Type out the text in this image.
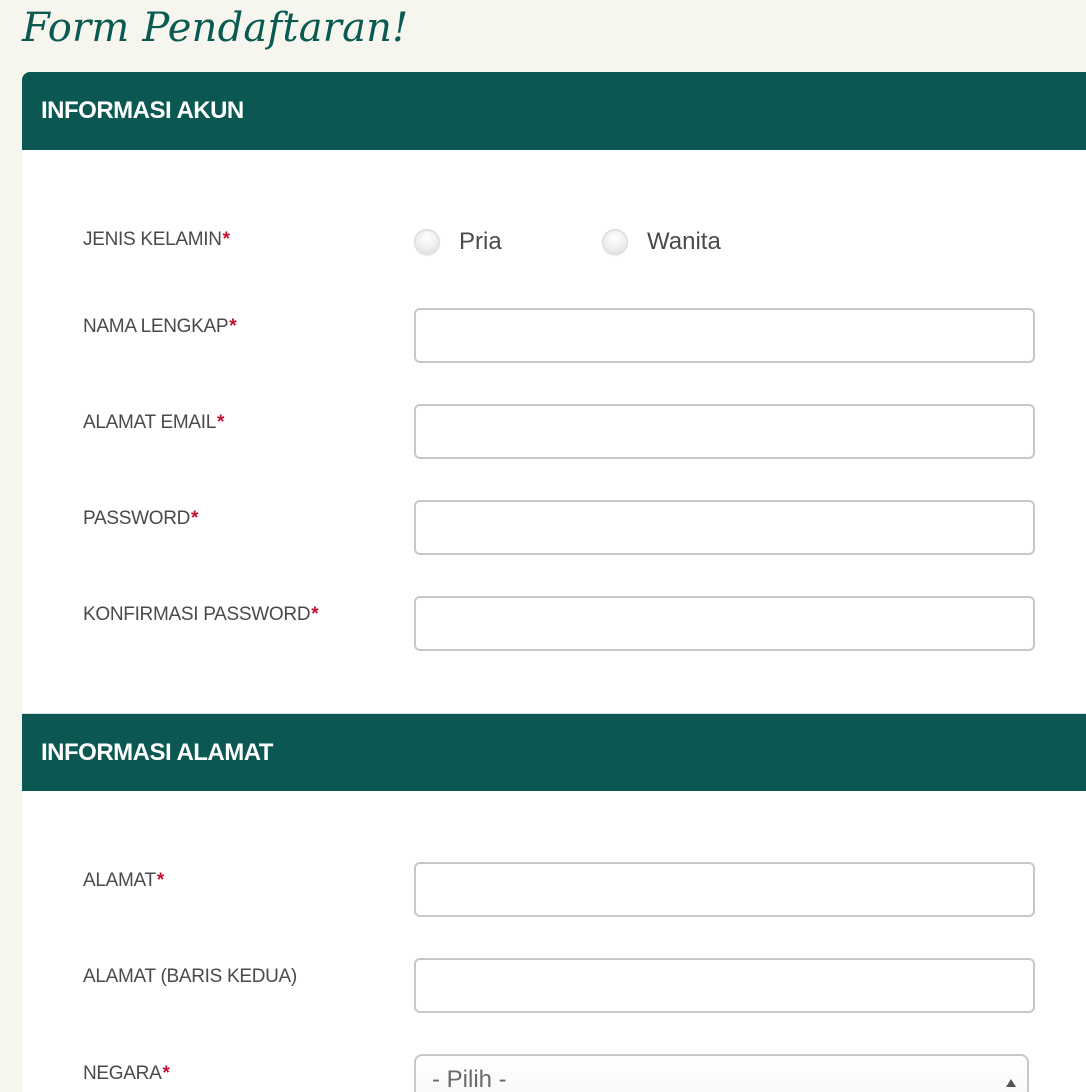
Form Pendaftaran!
INFORMASI AKUN
JENIS KELAMIN*	Pria	Wanita
NAMA LENGKAP*
ALAMAT EMAIL*
PASSWORD*
KONFIRMASI PASSWORD*
INFORMASI ALAMAT
ALAMAT*
ALAMAT (BARIS KEDUA)
NEGARA*	- Pilih -
